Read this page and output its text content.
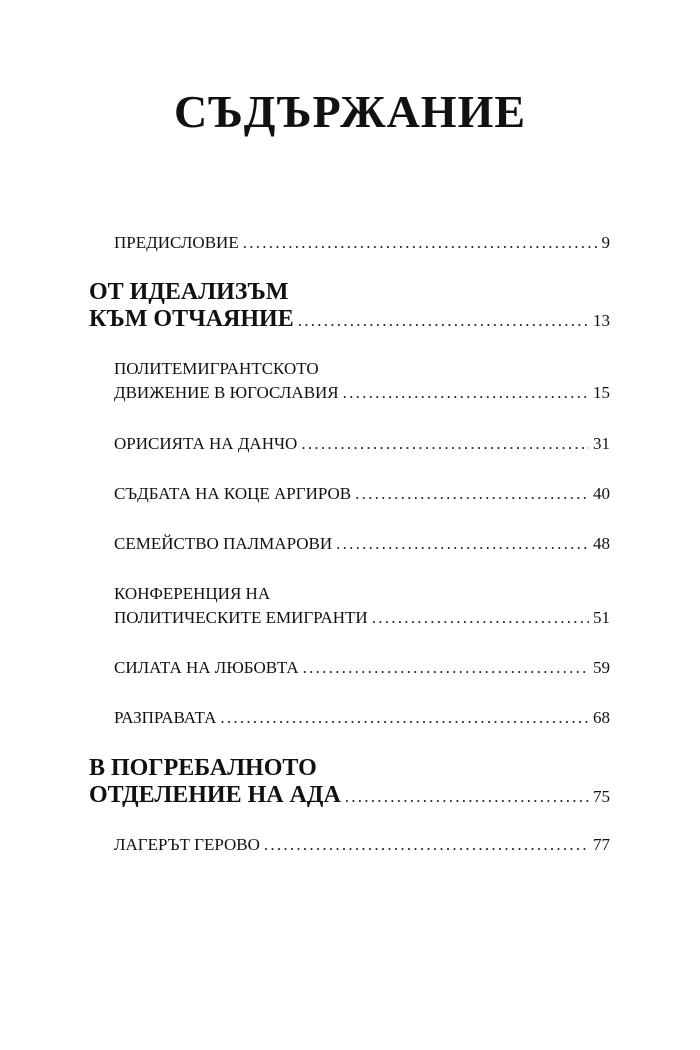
СЪДЪРЖАНИЕ
ПРЕДИСЛОВИЕ . . .	9
ОТ ИДЕАЛИЗЪМ
КЪМ ОТЧАЯНИЕ . . .	13
ПОЛИТЕМИГРАНТСКОТО
ДВИЖЕНИЕ В ЮГОСЛАВИЯ . . .	15
ОРИСИЯТА НА ДАНЧО . . .	31
СЪДБАТА НА КОЦЕ АРГИРОВ . . .	40
СЕМЕЙСТВО ПАЛМАРОВИ . . .	48
КОНФЕРЕНЦИЯ НА
ПОЛИТИЧЕСКИТЕ ЕМИГРАНТИ . . .	51
СИЛАТА НА ЛЮБОВТА . . .	59
РАЗПРАВАТА . . .	68
В ПОГРЕБАЛНОТО
ОТДЕЛЕНИЕ НА АДА . . .	75
ЛАГЕРЪТ ГЕРОВО . . .	77
